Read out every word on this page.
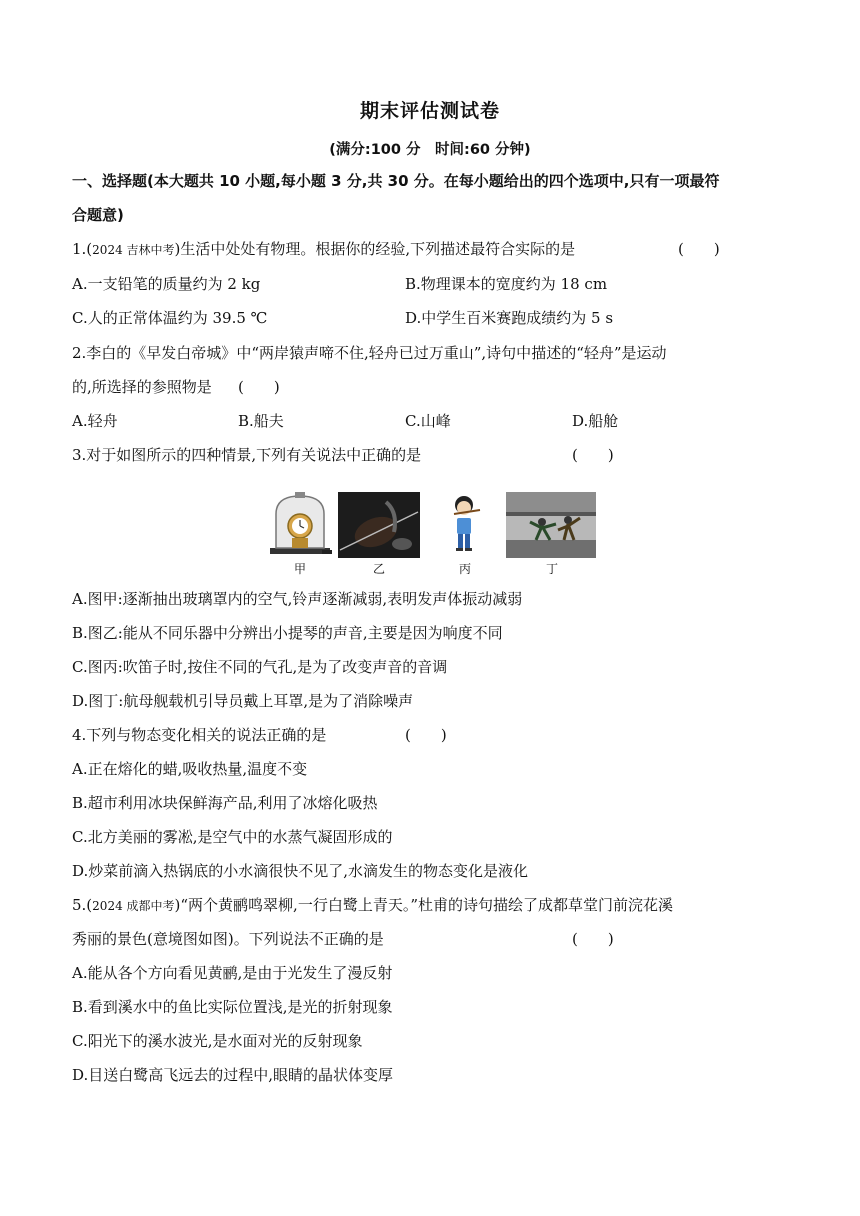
期末评估测试卷
(满分:100 分　时间:60 分钟)
一、选择题(本大题共 10 小题,每小题 3 分,共 30 分。在每小题给出的四个选项中,只有一项最符
合题意)
1.(2024 吉林中考)生活中处处有物理。根据你的经验,下列描述最符合实际的是	(　　)
A.一支铅笔的质量约为 2 kg	B.物理课本的宽度约为 18 cm
C.人的正常体温约为 39.5 ℃	D.中学生百米赛跑成绩约为 5 s
2.李白的《早发白帝城》中“两岸猿声啼不住,轻舟已过万重山”,诗句中描述的“轻舟”是运动
的,所选择的参照物是 (　　)
A.轻舟	B.船夫	C.山峰	D.船舱
3.对于如图所示的四种情景,下列有关说法中正确的是	(　　)
甲	乙	丙	丁
A.图甲:逐渐抽出玻璃罩内的空气,铃声逐渐减弱,表明发声体振动减弱
B.图乙:能从不同乐器中分辨出小提琴的声音,主要是因为响度不同
C.图丙:吹笛子时,按住不同的气孔,是为了改变声音的音调
D.图丁:航母舰载机引导员戴上耳罩,是为了消除噪声
4.下列与物态变化相关的说法正确的是	(　　)
A.正在熔化的蜡,吸收热量,温度不变
B.超市利用冰块保鲜海产品,利用了冰熔化吸热
C.北方美丽的雾凇,是空气中的水蒸气凝固形成的
D.炒菜前滴入热锅底的小水滴很快不见了,水滴发生的物态变化是液化
5.(2024 成都中考)“两个黄鹂鸣翠柳,一行白鹭上青天。”杜甫的诗句描绘了成都草堂门前浣花溪
秀丽的景色(意境图如图)。下列说法不正确的是	(　　)
A.能从各个方向看见黄鹂,是由于光发生了漫反射
B.看到溪水中的鱼比实际位置浅,是光的折射现象
C.阳光下的溪水波光,是水面对光的反射现象
D.目送白鹭高飞远去的过程中,眼睛的晶状体变厚
